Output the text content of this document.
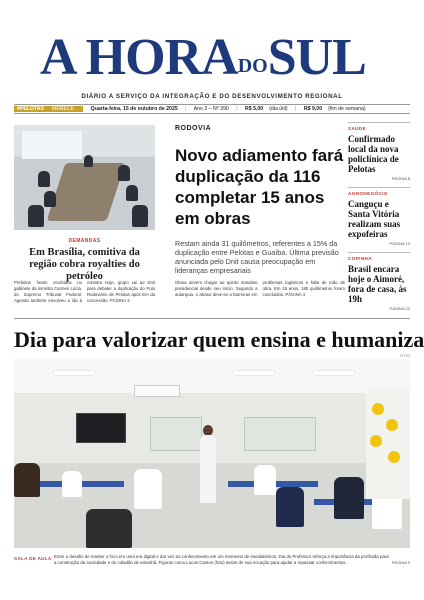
A HORADOSUL
DIÁRIO A SERVIÇO DA INTEGRAÇÃO E DO DESENVOLVIMENTO REGIONAL
#PELOTAS MERECE	Quarta-feira, 15 de outubro de 2025 | Ano 2 – Nº 390 | R$ 5,00 (dia útil) | R$ 9,00 (fim de semana)
DEMANDAS
Em Brasília, comitiva da região cobra royalties do petróleo
Prefeitos foram recebidos no gabinete da ministra Carmen Lúcia, do Supremo Tribunal Federal. Agenda também envolveu a ida à ministra Hoje, grupo vai ao Dnit para debater a duplicação do Polo Rodoviário de Pelotas após Em da concessão. PÁGINA 3
RODOVIA
Novo adiamento fará duplicação da 116 completar 15 anos em obras
Restam ainda 31 quilômetros, referentes a 15% da duplicação entre Pelotas e Guaíba. Última previsão anunciada pelo Dnit causa preocupação em lideranças empresariais
Obras devem chegar ao quinto mandato presidencial desde seu início. Segundo a autarquia, o atraso deve-se a barreiras em problemas logísticos e falta de mão de obra. Em 15 anos, 180 quilômetros foram concluídos. PÁGINA 4
SAÚDE
Confirmado local da nova policlínica de Pelotas
PÁGINA 8
AGRONEGÓCIO
Canguçu e Santa Vitória realizam suas expofeiras
PÁGINA 13
COPINHA
Brasil encara hoje o Aimoré, fora de casa, às 19h
PÁGINA 22
Dia para valorizar quem ensina e humaniza
FOTO
SALA DE AULA Entre o desafio de manter o foco em uma era digital e dar vez ao conhecimento em um momento de imediatismos, Dia do Professor reforça a importância da profissão para a construção da sociedade e do cidadão de amanhã. Figuras como Lucas Cantos (foto) assim de sua vocação para ajudar a repassar conhecimentos.	PÁGINA 9
